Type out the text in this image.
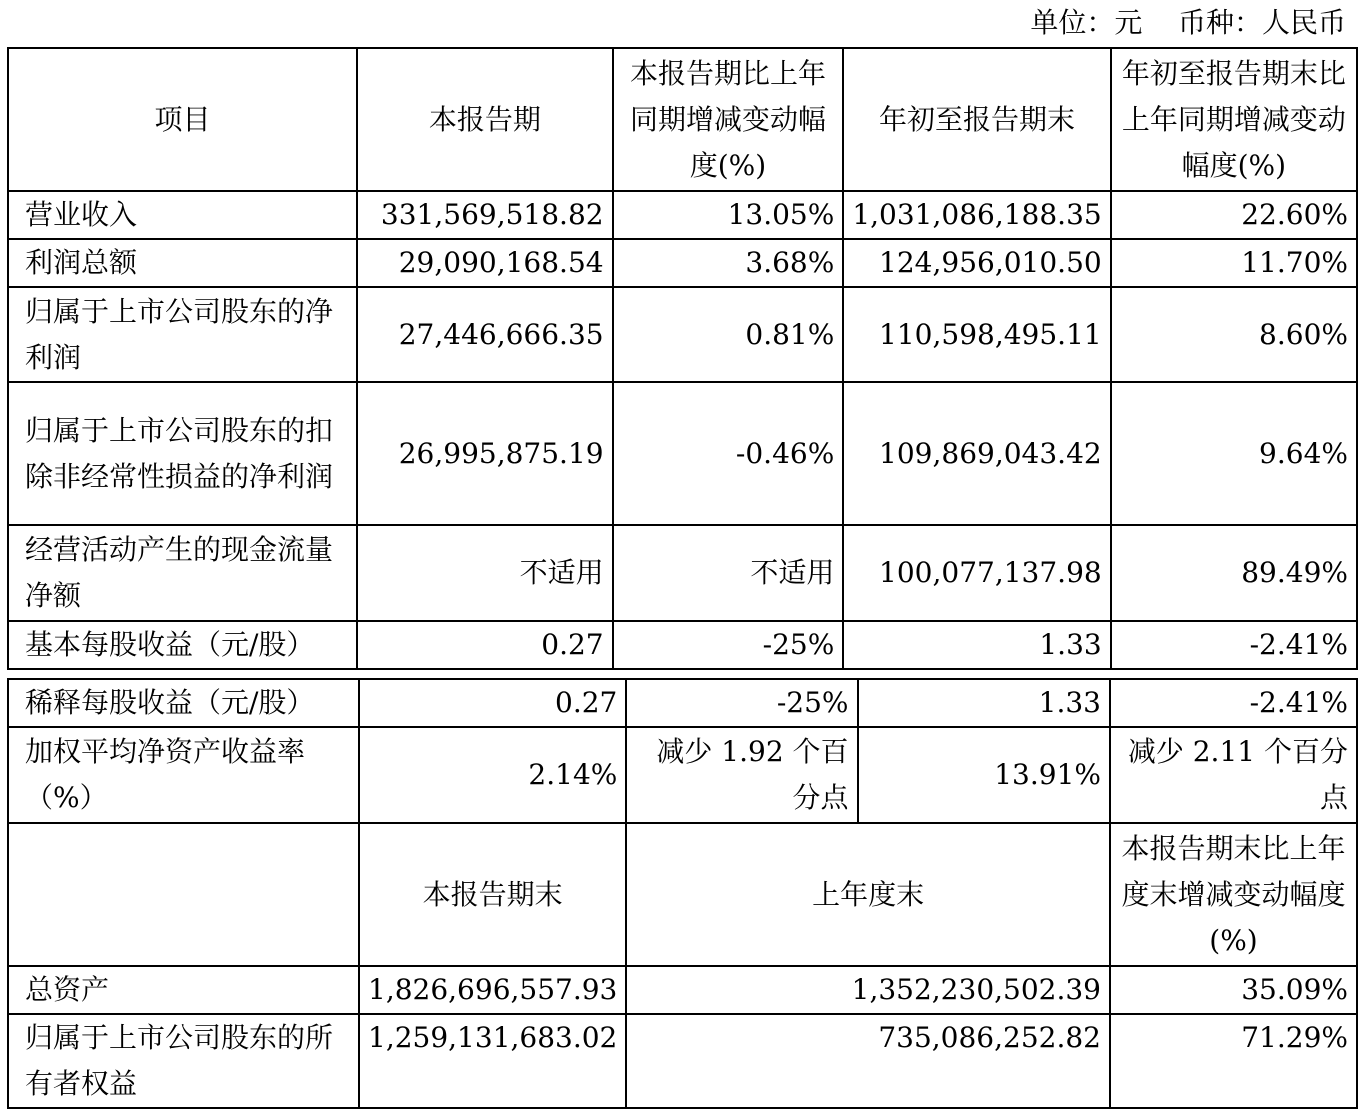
单位：元    币种：人民币
项目	本报告期	本报告期比上年同期增减变动幅度(%)	年初至报告期末	年初至报告期末比上年同期增减变动幅度(%)
营业收入	331,569,518.82	13.05%	1,031,086,188.35	22.60%
利润总额	29,090,168.54	3.68%	124,956,010.50	11.70%
归属于上市公司股东的净利润	27,446,666.35	0.81%	110,598,495.11	8.60%
归属于上市公司股东的扣除非经常性损益的净利润	26,995,875.19	-0.46%	109,869,043.42	9.64%
经营活动产生的现金流量净额	不适用	不适用	100,077,137.98	89.49%
基本每股收益（元/股）	0.27	-25%	1.33	-2.41%
稀释每股收益（元/股）	0.27	-25%	1.33	-2.41%
加权平均净资产收益率（%）	2.14%	减少 1.92 个百分点	13.91%	减少 2.11 个百分点
	本报告期末	上年度末		本报告期末比上年度末增减变动幅度(%)
总资产	1,826,696,557.93	1,352,230,502.39		35.09%
归属于上市公司股东的所有者权益	1,259,131,683.02	735,086,252.82		71.29%
